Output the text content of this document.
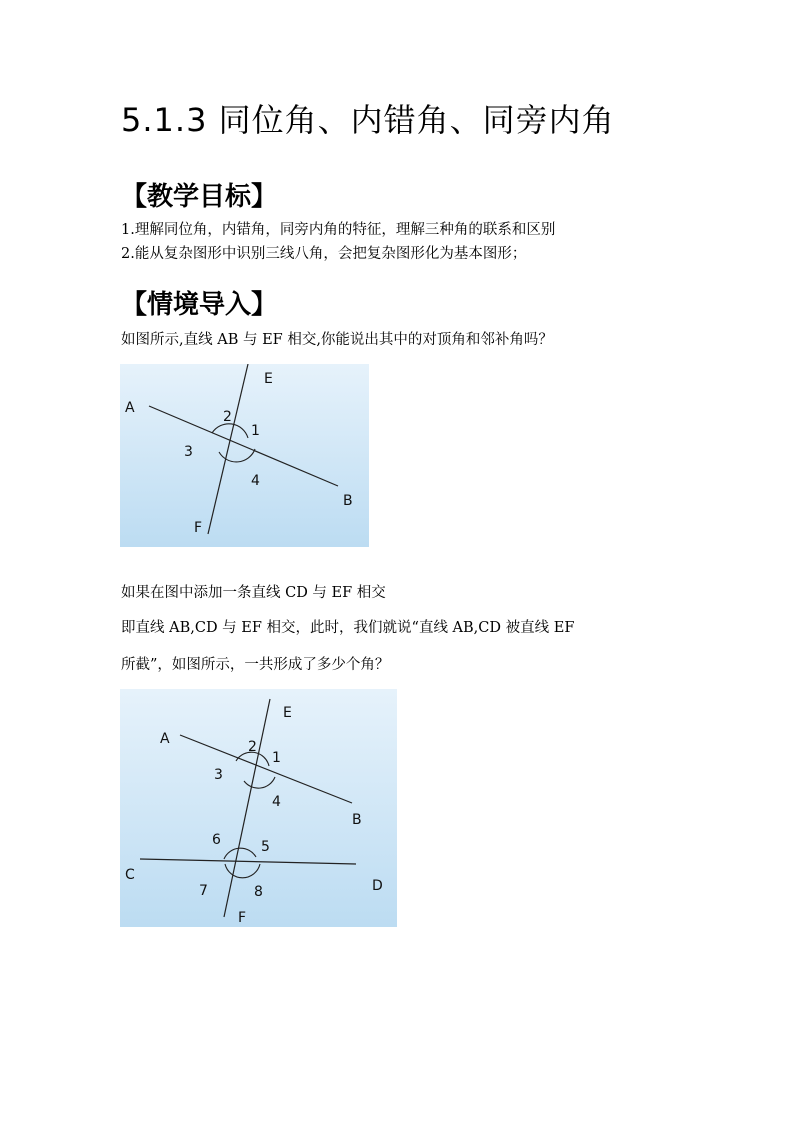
5.1.3 同位角、内错角、同旁内角
【教学目标】
1.理解同位角，内错角，同旁内角的特征，理解三种角的联系和区别
2.能从复杂图形中识别三线八角，会把复杂图形化为基本图形；
【情境导入】
如图所示,直线 AB 与 EF 相交,你能说出其中的对顶角和邻补角吗？
A
B
E
F
2
1
3
4
如果在图中添加一条直线 CD 与 EF 相交
即直线 AB,CD 与 EF 相交，此时，我们就说“直线 AB,CD 被直线 EF
所截”，如图所示，一共形成了多少个角？
A
B
C
D
E
F
2
1
3
4
6	5
7	8
